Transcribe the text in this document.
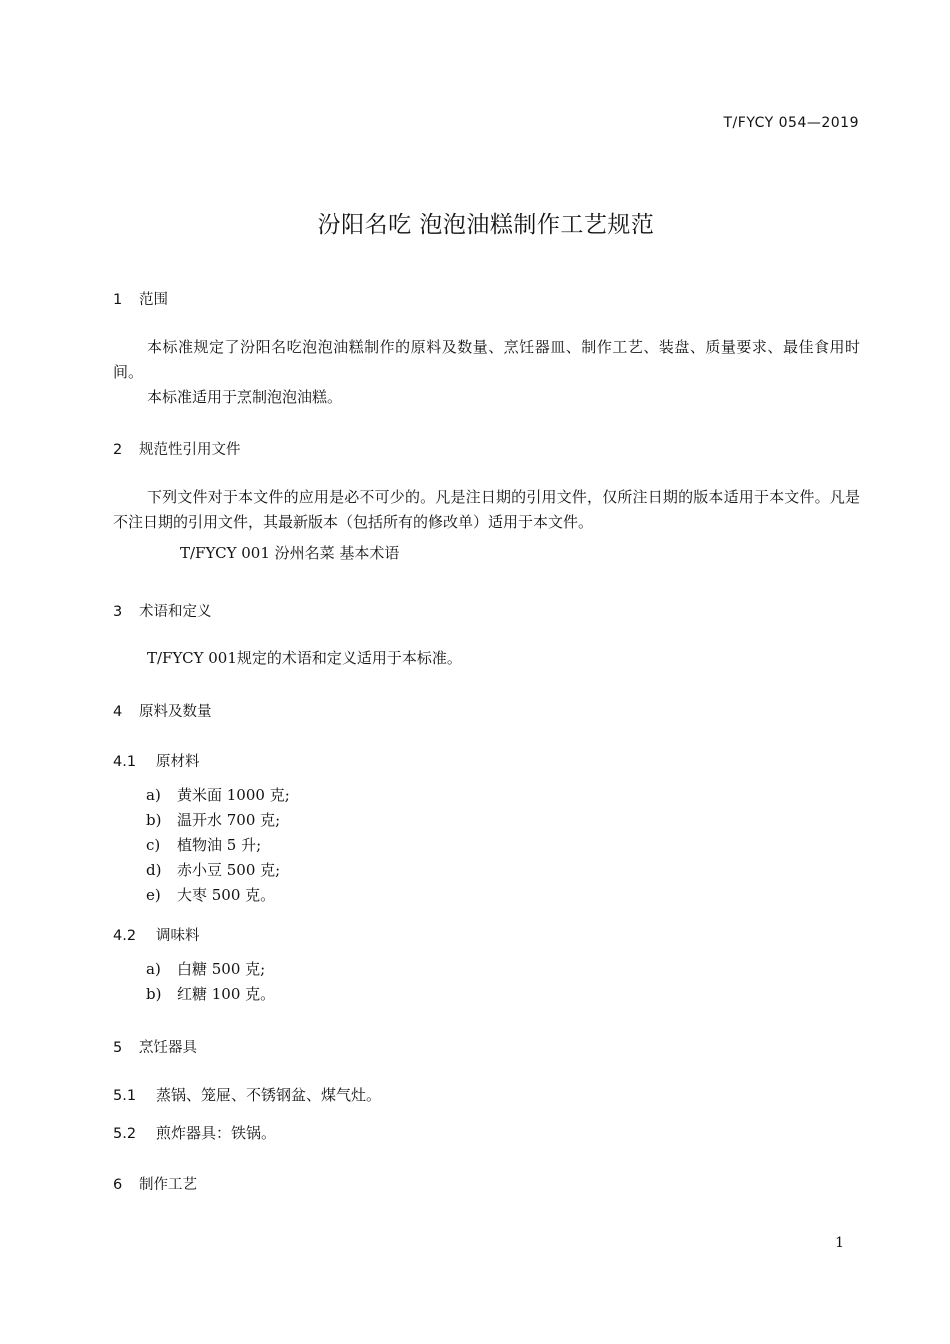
T/FYCY 054—2019
汾阳名吃 泡泡油糕制作工艺规范
1 范围
本标准规定了汾阳名吃泡泡油糕制作的原料及数量、烹饪器皿、制作工艺、装盘、质量要求、最佳食用时间。
本标准适用于烹制泡泡油糕。
2 规范性引用文件
下列文件对于本文件的应用是必不可少的。凡是注日期的引用文件，仅所注日期的版本适用于本文件。凡是不注日期的引用文件，其最新版本（包括所有的修改单）适用于本文件。
T/FYCY 001 汾州名菜 基本术语
3 术语和定义
T/FYCY 001规定的术语和定义适用于本标准。
4 原料及数量
4.1 原材料
a) 黄米面 1000 克;
b) 温开水 700 克;
c) 植物油 5 升;
d) 赤小豆 500 克;
e) 大枣 500 克。
4.2 调味料
a) 白糖 500 克;
b) 红糖 100 克。
5 烹饪器具
5.1 蒸锅、笼屉、不锈钢盆、煤气灶。
5.2 煎炸器具：铁锅。
6 制作工艺
1
